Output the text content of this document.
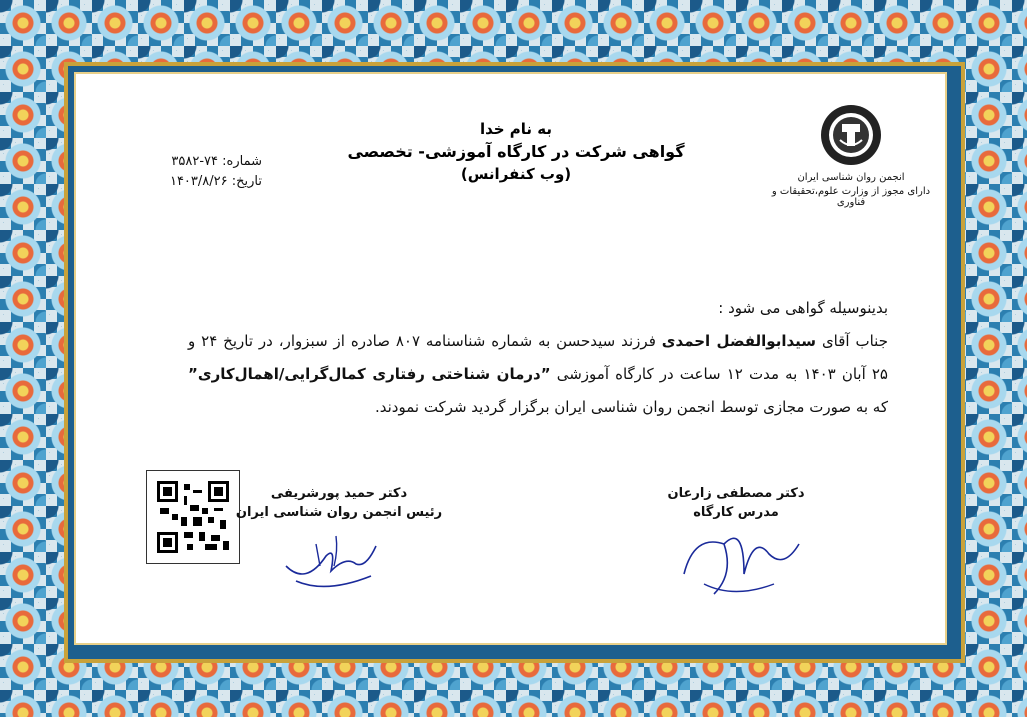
انجمن روان شناسی ایران
دارای مجوز از وزارت علوم،تحقیقات و فناوری
به نام خدا
گواهی شرکت در کارگاه آموزشی- تخصصی
(وب کنفرانس)
شماره: ۷۴-۳۵۸۲
تاریخ: ۱۴۰۳/۸/۲۶
بدینوسیله گواهی می شود :
جناب آقای سیدابوالفضل احمدی فرزند سیدحسن به شماره شناسنامه ۸۰۷ صادره از سبزوار، در تاریخ ۲۴ و ۲۵ آبان ۱۴۰۳ به مدت ۱۲ ساعت در کارگاه آموزشی ”درمان شناختی رفتاری کمال‌گرایی/اهمال‌کاری” که به صورت مجازی توسط انجمن روان شناسی ایران برگزار گردید شرکت نمودند.
دکتر حمید پورشریفی
رئیس انجمن روان شناسی ایران
دکتر مصطفی زارعان
مدرس کارگاه
